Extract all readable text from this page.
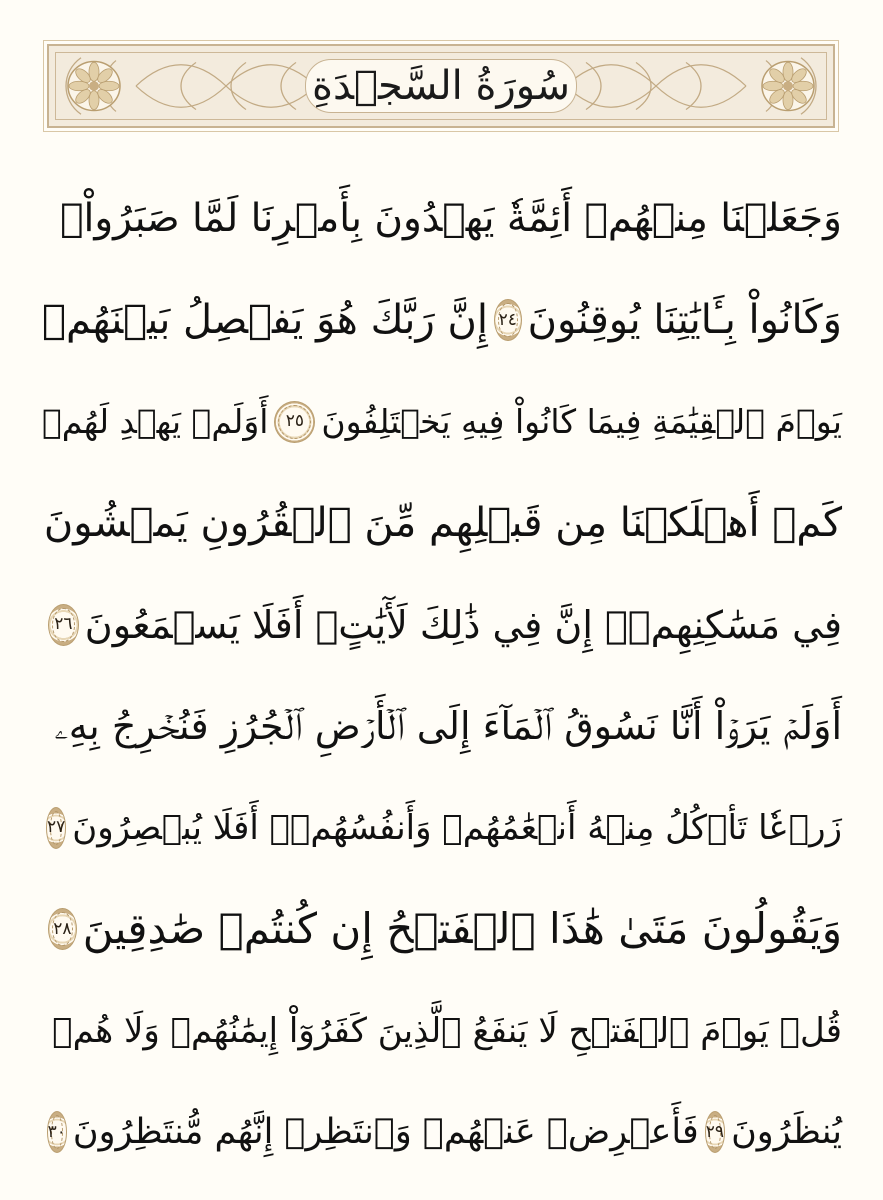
سُورَةُ السَّجۡدَةِ
وَجَعَلۡنَا مِنۡهُمۡ أَئِمَّةٗ يَهۡدُونَ بِأَمۡرِنَا لَمَّا صَبَرُواْۖ
وَكَانُواْ بِـَٔايَٰتِنَا يُوقِنُونَ
٢٤
إِنَّ رَبَّكَ هُوَ يَفۡصِلُ بَيۡنَهُمۡ
يَوۡمَ ٱلۡقِيَٰمَةِ فِيمَا كَانُواْ فِيهِ يَخۡتَلِفُونَ
٢٥
أَوَلَمۡ يَهۡدِ لَهُمۡ
كَمۡ أَهۡلَكۡنَا مِن قَبۡلِهِم مِّنَ ٱلۡقُرُونِ يَمۡشُونَ
فِي مَسَٰكِنِهِمۡۚ إِنَّ فِي ذَٰلِكَ لَأٓيَٰتٍۚ أَفَلَا يَسۡمَعُونَ
٢٦
أَوَلَمۡ يَرَوۡاْ أَنَّا نَسُوقُ ٱلۡمَآءَ إِلَى ٱلۡأَرۡضِ ٱلۡجُرُزِ فَنُخۡرِجُ بِهِۦ
زَرۡعٗا تَأۡكُلُ مِنۡهُ أَنۡعَٰمُهُمۡ وَأَنفُسُهُمۡۚ أَفَلَا يُبۡصِرُونَ
٢٧
وَيَقُولُونَ مَتَىٰ هَٰذَا ٱلۡفَتۡحُ إِن كُنتُمۡ صَٰدِقِينَ
٢٨
قُلۡ يَوۡمَ ٱلۡفَتۡحِ لَا يَنفَعُ ٱلَّذِينَ كَفَرُوٓاْ إِيمَٰنُهُمۡ وَلَا هُمۡ
يُنظَرُونَ
٢٩
فَأَعۡرِضۡ عَنۡهُمۡ وَٱنتَظِرۡ إِنَّهُم مُّنتَظِرُونَ
٣٠
